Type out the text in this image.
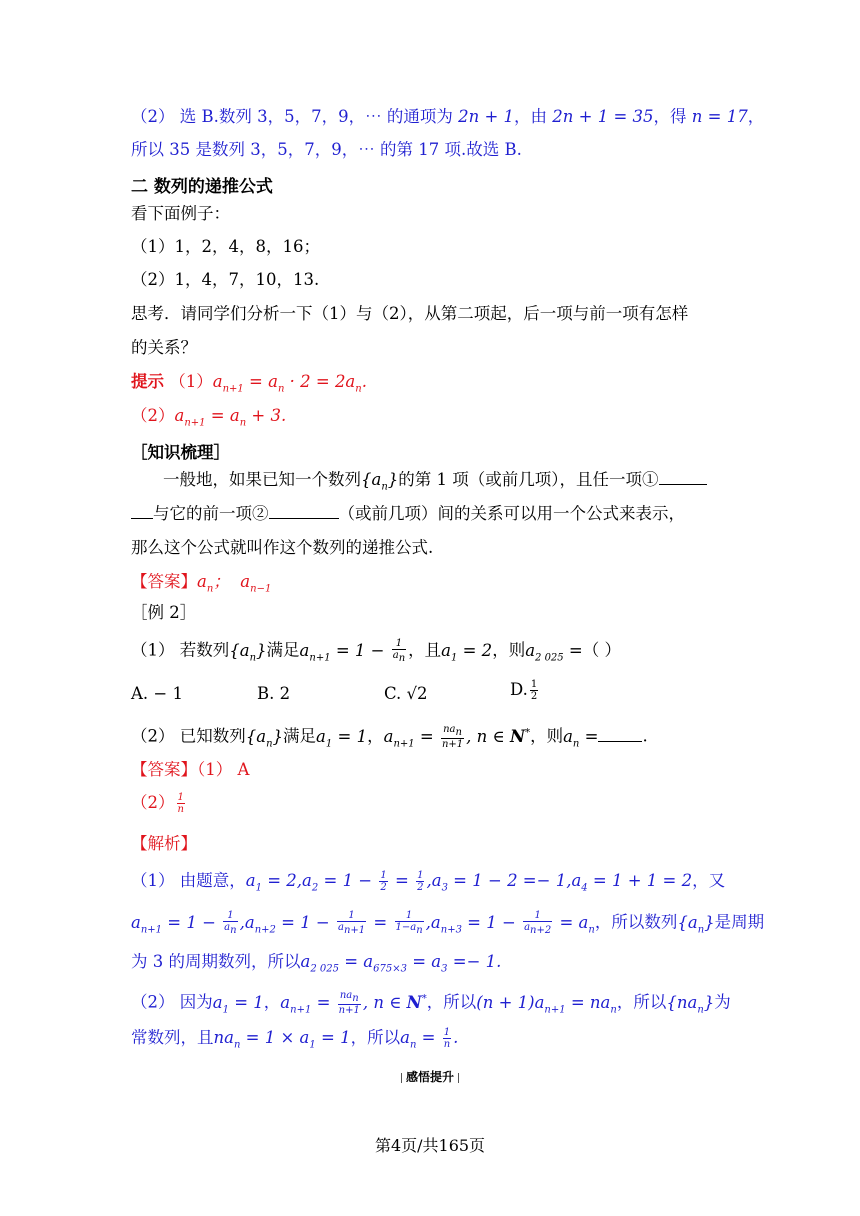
（2） 选 B.数列 3，5，7，9，⋯ 的通项为 2n + 1，由 2n + 1 = 35，得 n = 17，
所以 35 是数列 3，5，7，9，⋯ 的第 17 项.故选 B.
二 数列的递推公式
看下面例子：
（1）1，2，4，8，16；
（2）1，4，7，10，13.
思考．请同学们分析一下（1）与（2），从第二项起，后一项与前一项有怎样
的关系？
提示 $(1)a_{n+1} = a_n \cdot 2 = 2a_n$.
$(2)a_{n+1} = a_n + 3$.
［知识梳理］
一般地，如果已知一个数列$\{a_n\}$的第 1 项（或前几项），且任一项①
与它的前一项②	（或前几项）间的关系可以用一个公式来表示，
那么这个公式就叫作这个数列的递推公式.
【答案】$a_n$；  $a_{n-1}$
［例 2］
（1） 若数列$\{a_n\}$满足$a_{n+1} = 1 - \frac{1}{a_n}$ ，且$a_1 = 2$，则$a_{2 025}$ =（ ）
A. − 1	B. 2	C. √2	D. $\frac{1}{2}$
（2） 已知数列$\{a_n\}$满足$a_1 = 1$，$a_{n+1} = \frac{na_n}{n+1}$ , n ∈ N*，则$a_n$ =	.
【答案】（1） A
$(2) \frac{1}{n}$
【解析】
（1） 由题意，$a_1 = 2,a_2 = 1 - \frac{1}{2} = \frac{1}{2} ,a_3 = 1 - 2 =- 1,a_4 = 1 + 1 = 2$，又
$a_{n+1} = 1 - \frac{1}{a_n} ,a_{n+2} = 1 - \frac{1}{a_{n+1}} = \frac{1}{1-a_n} ,a_{n+3} = 1 - \frac{1}{a_{n+2}} = a_n$，所以数列$\{a_n\}$是周期
为 3 的周期数列，所以$a_{2 025} = a_{675\times 3} = a_3 =- 1$.
（2） 因为$a_1 = 1$，$a_{n+1} = \frac{na_n}{n+1}$ , n ∈ N*，所以$(n + 1)a_{n+1} = na_n$，所以$\{na_n\}$为
常数列，且$na_n = 1 \times a_1 = 1$，所以$a_n = \frac{1}{n}$ .
感悟提升
第4页/共165页
